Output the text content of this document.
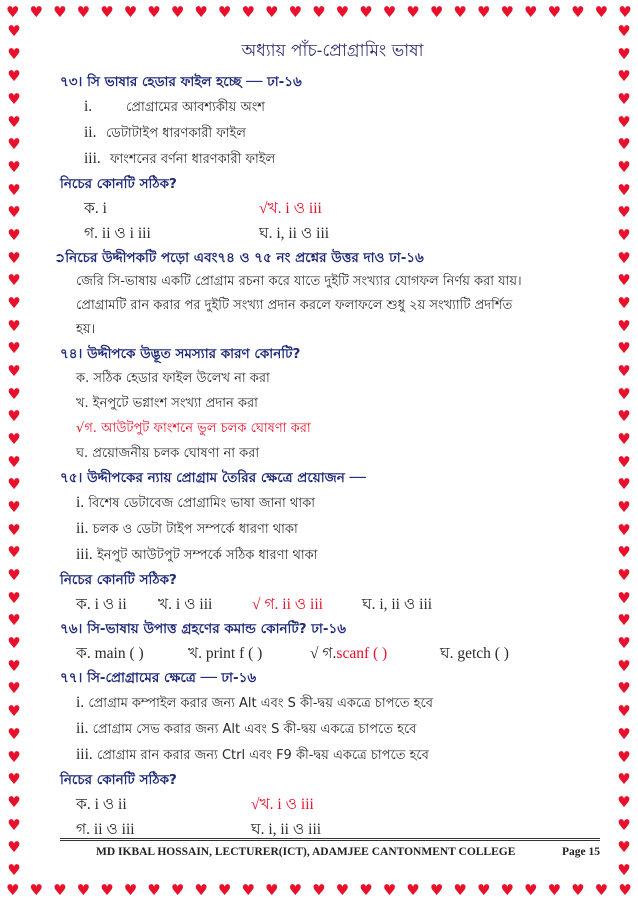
♥ ♥ ♥ ♥ ♥ ♥ ♥ ♥ ♥ ♥ ♥ ♥ ♥ ♥ ♥ ♥ ♥ ♥ ♥ ♥ ♥ ♥ ♥ ♥ ♥ ♥ ♥
♥ ♥ ♥ ♥ ♥ ♥ ♥ ♥ ♥ ♥ ♥ ♥ ♥ ♥ ♥ ♥ ♥ ♥ ♥ ♥ ♥ ♥ ♥ ♥ ♥ ♥ ♥
♥
♥
♥
♥
♥
♥
♥
♥
♥
♥
♥
♥
♥
♥
♥
♥
♥
♥
♥
♥
♥
♥
♥
♥
♥
♥
♥
♥
♥
♥
♥
♥
♥
♥
♥
♥
♥
♥
♥
♥
♥
♥
♥
♥
♥
♥
♥
♥
♥
♥
♥
♥
♥
♥
♥
♥
♥
♥
♥
♥
♥
♥
♥
♥
♥
♥
♥
♥
♥
♥
♥
♥
♥
♥
♥
♥
অধ্যায় পাঁচ-প্রোগ্রামিং ভাষা
৭৩। সি ভাষার হেডার ফাইল হচ্ছে ── ঢা-১৬
i.	প্রোগ্রামের আবশ্যকীয় অংশ
ii. ডেটাটাইপ ধারণকারী ফাইল
iii. ফাংশনের বর্ণনা ধারণকারী ফাইল
নিচের কোনটি সঠিক?
ক. i	√খ. i ও iii
গ. ii ও i iii	ঘ. i, ii ও iii
➲নিচের উদ্দীপকটি পড়ো এবং৭৪ ও ৭৫ নং প্রশ্নের উত্তর দাও ঢা-১৬
জেরি সি-ভাষায় একটি প্রোগ্রাম রচনা করে যাতে দুইটি সংখ্যার যোগফল নির্ণয় করা যায়।
প্রোগ্রামটি রান করার পর দুইটি সংখ্যা প্রদান করলে ফলাফলে শুধু ২য় সংখ্যাটি প্রদর্শিত
হয়।
৭৪। উদ্দীপকে উদ্ভূত সমস্যার কারণ কোনটি?
ক. সঠিক হেডার ফাইল উলেখ না করা
খ. ইনপুটে ভগ্নাংশ সংখ্যা প্রদান করা
√গ. আউটপুট ফাংশনে ভুল চলক ঘোষণা করা
ঘ. প্রয়োজনীয় চলক ঘোষণা না করা
৭৫। উদ্দীপকের ন্যায় প্রোগ্রাম তৈরির ক্ষেত্রে প্রয়োজন ──
i. বিশেষ ডেটাবেজ প্রোগ্রামিং ভাষা জানা থাকা
ii. চলক ও ডেটা টাইপ সম্পর্কে ধারণা থাকা
iii. ইনপুট আউটপুট সম্পর্কে সঠিক ধারণা থাকা
নিচের কোনটি সঠিক?
ক. i ও ii খ. i ও iii	√ গ. ii ও iii	ঘ. i, ii ও iii
৭৬। সি-ভাষায় উপাত্ত গ্রহণের কমান্ড কোনটি? ঢা-১৬
ক. main ( )	খ. print f ( )	√ গ.scanf ( )	ঘ. getch ( )
৭৭। সি-প্রোগ্রামের ক্ষেত্রে ── ঢা-১৬
i. প্রোগ্রাম কম্পাইল করার জন্য Alt এবং S কী-দ্বয় একত্রে চাপতে হবে
ii. প্রোগ্রাম সেভ করার জন্য Alt এবং S কী-দ্বয় একত্রে চাপতে হবে
iii. প্রোগ্রাম রান করার জন্য Ctrl এবং F9 কী-দ্বয় একত্রে চাপতে হবে
নিচের কোনটি সঠিক?
ক. i ও ii	√খ. i ও iii
গ. ii ও iii	ঘ. i, ii ও iii
MD IKBAL HOSSAIN, LECTURER(ICT), ADAMJEE CANTONMENT COLLEGE	Page 15
